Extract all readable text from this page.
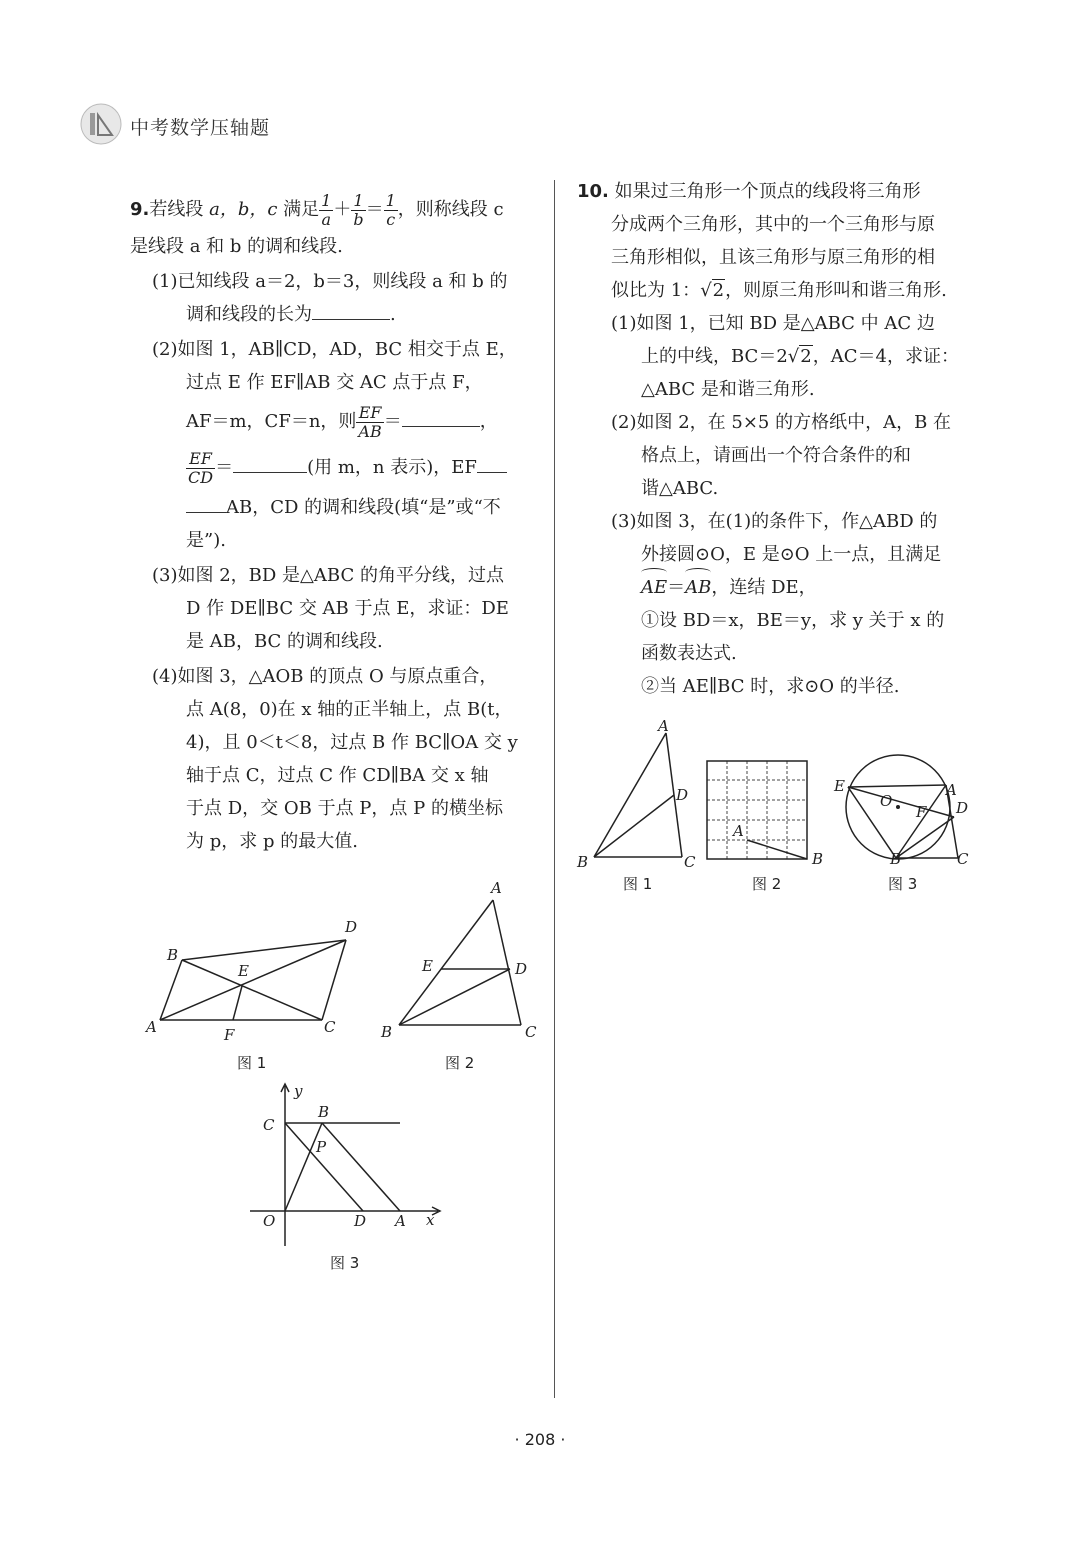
中考数学压轴题
9.若线段 a，b，c 满足 $\frac{1}{a} + \frac{1}{b} = \frac{1}{c}$ ，则称线段 c
是线段 a 和 b 的调和线段.
(1)已知线段 a＝2，b＝3，则线段 a 和 b 的
调和线段的长为	.
(2)如图 1，AB∥CD，AD，BC 相交于点 E，
过点 E 作 EF∥AB 交 AC 点于点 F，
AF＝m，CF＝n，则 $\frac{EF}{AB}$ ＝	，
$\frac{EF}{CD}$ ＝	(用 m，n 表示)，EF
AB，CD 的调和线段(填“是”或“不
是”).
(3)如图 2，BD 是△ABC 的角平分线，过点
D 作 DE∥BC 交 AB 于点 E，求证：DE
是 AB，BC 的调和线段.
(4)如图 3，△AOB 的顶点 O 与原点重合，
点 A(8，0)在 x 轴的正半轴上，点 B(t，
4)，且 0＜t＜8，过点 B 作 BC∥OA 交 y
轴于点 C，过点 C 作 CD∥BA 交 x 轴
于点 D，交 OB 于点 P，点 P 的横坐标
为 p，求 p 的最大值.
A
B
C
D
E
F
图 1
A
B	C
D
E
图 2
y
x
C
B
P
O	D A
图 3
10. 如果过三角形一个顶点的线段将三角形
分成两个三角形，其中的一个三角形与原
三角形相似，且该三角形与原三角形的相
似比为 1：√2，则原三角形叫和谐三角形.
(1)如图 1，已知 BD 是△ABC 中 AC 边
上的中线，BC＝2√2，AC＝4，求证：
△ABC 是和谐三角形.
(2)如图 2，在 5×5 的方格纸中，A，B 在
格点上，请画出一个符合条件的和
谐△ABC.
(3)如图 3，在(1)的条件下，作△ABD 的
外接圆⊙O，E 是⊙O 上一点，且满足
AE＝AB，连结 DE，
①设 BD＝x，BE＝y，求 y 关于 x 的
函数表达式.
②当 AE∥BC 时，求⊙O 的半径.
A
D
B	C
图 1
A
B
图 2
E	A
O
F D
B	C
图 3
· 208 ·
